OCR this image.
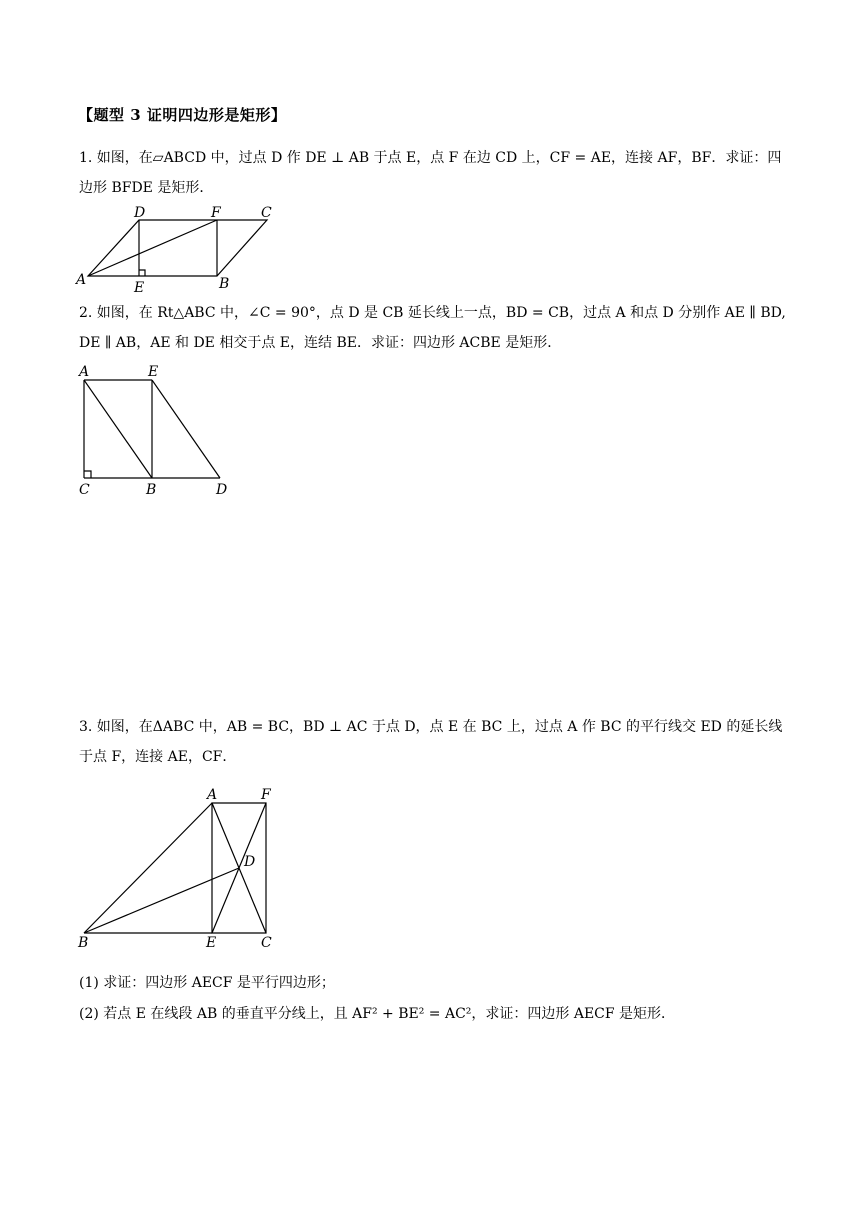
【题型 3 证明四边形是矩形】

1. 如图，在▱ABCD 中，过点 D 作 DE ⊥ AB 于点 E，点 F 在边 CD 上，CF = AE，连接 AF，BF．求证：四边形 BFDE 是矩形．

A	B
C
D
E
F

2. 如图，在 Rt△ABC 中，∠C = 90°，点 D 是 CB 延长线上一点，BD = CB，过点 A 和点 D 分别作 AE ∥ BD, DE ∥ AB，AE 和 DE 相交于点 E，连结 BE．求证：四边形 ACBE 是矩形．

A	E
C	B	D

3. 如图，在ΔABC 中，AB = BC，BD ⊥ AC 于点 D，点 E 在 BC 上，过点 A 作 BC 的平行线交 ED 的延长线于点 F，连接 AE，CF．

A	F
D
B	E	C
(1) 求证：四边形 AECF 是平行四边形；
(2) 若点 E 在线段 AB 的垂直平分线上，且 AF² + BE² = AC²，求证：四边形 AECF 是矩形．
